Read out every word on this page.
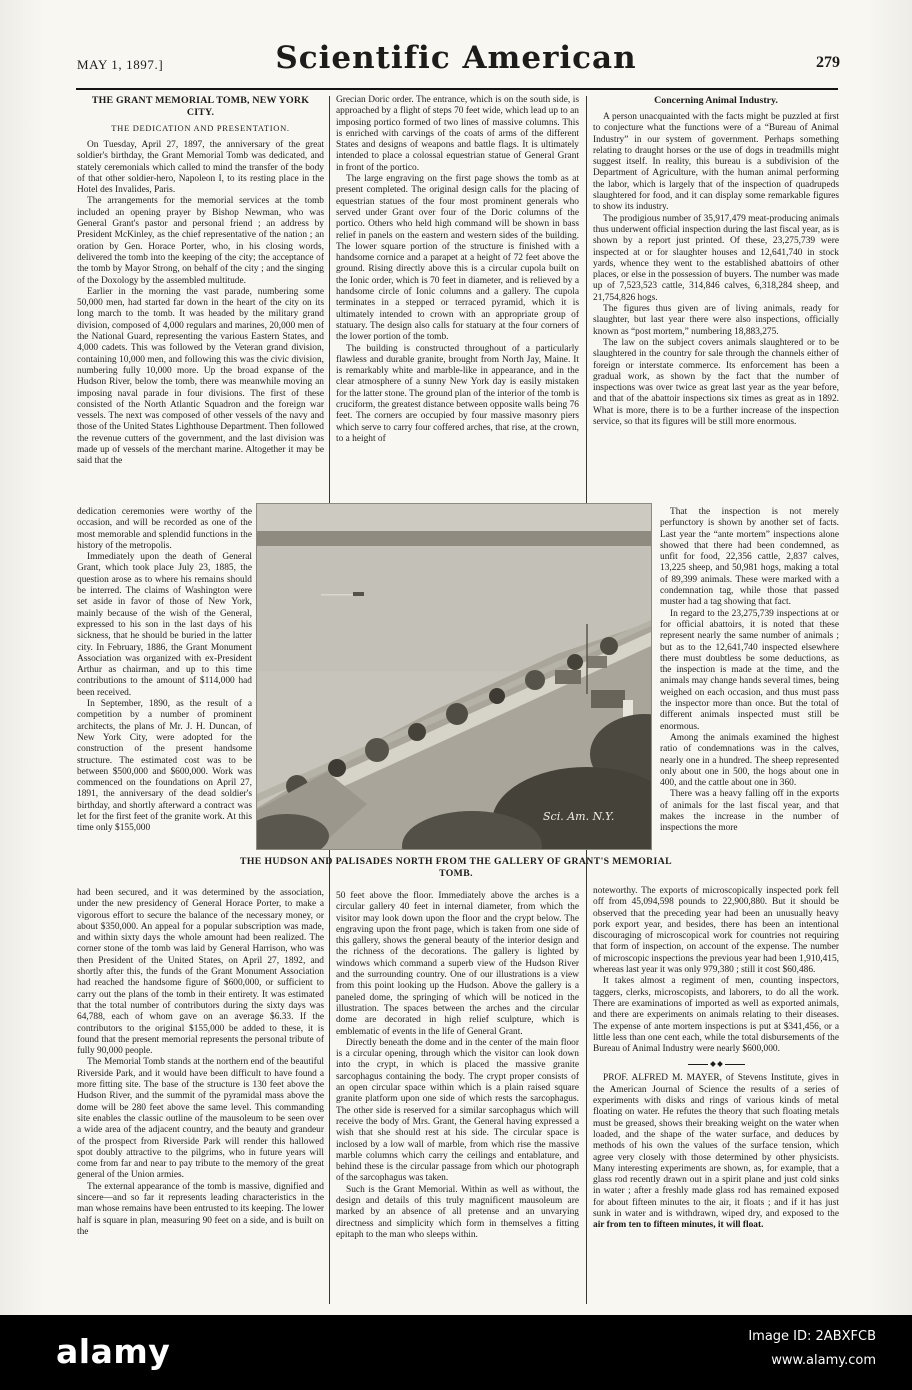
MAY 1, 1897.]	Scientific American	279
THE GRANT MEMORIAL TOMB, NEW YORK CITY.
THE DEDICATION AND PRESENTATION.

On Tuesday, April 27, 1897, the anniversary of the great soldier's birthday, the Grant Memorial Tomb was dedicated, and stately ceremonials which called to mind the transfer of the body of that other soldier-hero, Napoleon I, to its resting place in the Hotel des Invalides, Paris.

The arrangements for the memorial services at the tomb included an opening prayer by Bishop Newman, who was General Grant's pastor and personal friend ; an address by President McKinley, as the chief representative of the nation ; an oration by Gen. Horace Porter, who, in his closing words, delivered the tomb into the keeping of the city; the acceptance of the tomb by Mayor Strong, on behalf of the city ; and the singing of the Doxology by the assembled multitude.

Earlier in the morning the vast parade, numbering some 50,000 men, had started far down in the heart of the city on its long march to the tomb. It was headed by the military grand division, composed of 4,000 regulars and marines, 20,000 men of the National Guard, representing the various Eastern States, and 4,000 cadets. This was followed by the Veteran grand division, containing 10,000 men, and following this was the civic division, numbering fully 10,000 more. Up the broad expanse of the Hudson River, below the tomb, there was meanwhile moving an imposing naval parade in four divisions. The first of these consisted of the North Atlantic Squadron and the foreign war vessels. The next was composed of other vessels of the navy and those of the United States Lighthouse Department. Then followed the revenue cutters of the government, and the last division was made up of vessels of the merchant marine. Altogether it may be said that the

dedication ceremonies were worthy of the occasion, and will be recorded as one of the most memorable and splendid functions in the history of the metropolis.

Immediately upon the death of General Grant, which took place July 23, 1885, the question arose as to where his remains should be interred. The claims of Washington were set aside in favor of those of New York, mainly because of the wish of the General, expressed to his son in the last days of his sickness, that he should be buried in the latter city. In February, 1886, the Grant Monument Association was organized with ex-President Arthur as chairman, and up to this time contributions to the amount of $114,000 had been received.

In September, 1890, as the result of a competition by a number of prominent architects, the plans of Mr. J. H. Duncan, of New York City, were adopted for the construction of the present handsome structure. The estimated cost was to be between $500,000 and $600,000. Work was commenced on the foundations on April 27, 1891, the anniversary of the dead soldier's birthday, and shortly afterward a contract was let for the first feet of the granite work. At this time only $155,000

had been secured, and it was determined by the association, under the new presidency of General Horace Porter, to make a vigorous effort to secure the balance of the necessary money, or about $350,000. An appeal for a popular subscription was made, and within sixty days the whole amount had been realized. The corner stone of the tomb was laid by General Harrison, who was then President of the United States, on April 27, 1892, and shortly after this, the funds of the Grant Monument Association had reached the handsome figure of $600,000, or sufficient to carry out the plans of the tomb in their entirety. It was estimated that the total number of contributors during the sixty days was 64,788, each of whom gave on an average $6.33. If the contributors to the original $155,000 be added to these, it is found that the present memorial represents the personal tribute of fully 90,000 people.

The Memorial Tomb stands at the northern end of the beautiful Riverside Park, and it would have been difficult to have found a more fitting site. The base of the structure is 130 feet above the Hudson River, and the summit of the pyramidal mass above the dome will be 280 feet above the same level. This commanding site enables the classic outline of the mausoleum to be seen over a wide area of the adjacent country, and the beauty and grandeur of the prospect from Riverside Park will render this hallowed spot doubly attractive to the pilgrims, who in future years will come from far and near to pay tribute to the memory of the great general of the Union armies.

The external appearance of the tomb is massive, dignified and sincere—and so far it represents leading characteristics in the man whose remains have been entrusted to its keeping. The lower half is square in plan, measuring 90 feet on a side, and is built on the

Grecian Doric order. The entrance, which is on the south side, is approached by a flight of steps 70 feet wide, which lead up to an imposing portico formed of two lines of massive columns. This is enriched with carvings of the coats of arms of the different States and designs of weapons and battle flags. It is ultimately intended to place a colossal equestrian statue of General Grant in front of the portico.

The large engraving on the first page shows the tomb as at present completed. The original design calls for the placing of equestrian statues of the four most prominent generals who served under Grant over four of the Doric columns of the portico. Others who held high command will be shown in bass relief in panels on the eastern and western sides of the building. The lower square portion of the structure is finished with a handsome cornice and a parapet at a height of 72 feet above the ground. Rising directly above this is a circular cupola built on the Ionic order, which is 70 feet in diameter, and is relieved by a handsome circle of Ionic columns and a gallery. The cupola terminates in a stepped or terraced pyramid, which it is ultimately intended to crown with an appropriate group of statuary. The design also calls for statuary at the four corners of the lower portion of the tomb.

The building is constructed throughout of a particularly flawless and durable granite, brought from North Jay, Maine. It is remarkably white and marble-like in appearance, and in the clear atmosphere of a sunny New York day is easily mistaken for the latter stone. The ground plan of the interior of the tomb is cruciform, the greatest distance between opposite walls being 76 feet. The corners are occupied by four massive masonry piers which serve to carry four coffered arches, that rise, at the crown, to a height of

50 feet above the floor. Immediately above the arches is a circular gallery 40 feet in internal diameter, from which the visitor may look down upon the floor and the crypt below. The engraving upon the front page, which is taken from one side of this gallery, shows the general beauty of the interior design and the richness of the decorations. The gallery is lighted by windows which command a superb view of the Hudson River and the surrounding country. One of our illustrations is a view from this point looking up the Hudson. Above the gallery is a paneled dome, the springing of which will be noticed in the illustration. The spaces between the arches and the circular dome are decorated in high relief sculpture, which is emblematic of events in the life of General Grant.

Directly beneath the dome and in the center of the main floor is a circular opening, through which the visitor can look down into the crypt, in which is placed the massive granite sarcophagus containing the body. The crypt proper consists of an open circular space within which is a plain raised square granite platform upon one side of which rests the sarcophagus. The other side is reserved for a similar sarcophagus which will receive the body of Mrs. Grant, the General having expressed a wish that she should rest at his side. The circular space is inclosed by a low wall of marble, from which rise the massive marble columns which carry the ceilings and entablature, and behind these is the circular passage from which our photograph of the sarcophagus was taken.

Such is the Grant Memorial. Within as well as without, the design and details of this truly magnificent mausoleum are marked by an absence of all pretense and an unvarying directness and simplicity which form in themselves a fitting epitaph to the man who sleeps within.

Concerning Animal Industry.

A person unacquainted with the facts might be puzzled at first to conjecture what the functions were of a “Bureau of Animal Industry” in our system of government. Perhaps something relating to draught horses or the use of dogs in treadmills might suggest itself. In reality, this bureau is a subdivision of the Department of Agriculture, with the human animal performing the labor, which is largely that of the inspection of quadrupeds slaughtered for food, and it can display some remarkable figures to show its industry.

The prodigious number of 35,917,479 meat-producing animals thus underwent official inspection during the last fiscal year, as is shown by a report just printed. Of these, 23,275,739 were inspected at or for slaughter houses and 12,641,740 in stock yards, whence they went to the established abattoirs of other places, or else in the possession of buyers. The number was made up of 7,523,523 cattle, 314,846 calves, 6,318,284 sheep, and 21,754,826 hogs.

The figures thus given are of living animals, ready for slaughter, but last year there were also inspections, officially known as “post mortem,” numbering 18,883,275.

The law on the subject covers animals slaughtered or to be slaughtered in the country for sale through the channels either of foreign or interstate commerce. Its enforcement has been a gradual work, as shown by the fact that the number of inspections was over twice as great last year as the year before, and that of the abattoir inspections six times as great as in 1892. What is more, there is to be a further increase of the inspection service, so that its figures will be still more enormous.

That the inspection is not merely perfunctory is shown by another set of facts. Last year the “ante mortem” inspections alone showed that there had been condemned, as unfit for food, 22,356 cattle, 2,837 calves, 13,225 sheep, and 50,981 hogs, making a total of 89,399 animals. These were marked with a condemnation tag, while those that passed muster had a tag showing that fact.

In regard to the 23,275,739 inspections at or for official abattoirs, it is noted that these represent nearly the same number of animals ; but as to the 12,641,740 inspected elsewhere there must doubtless be some deductions, as the inspection is made at the time, and the animals may change hands several times, being weighed on each occasion, and thus must pass the inspector more than once. But the total of different animals inspected must still be enormous.

Among the animals examined the highest ratio of condemnations was in the calves, nearly one in a hundred. The sheep represented only about one in 500, the hogs about one in 400, and the cattle about one in 360.

There was a heavy falling off in the exports of animals for the last fiscal year, and that makes the increase in the number of inspections the more

noteworthy. The exports of microscopically inspected pork fell off from 45,094,598 pounds to 22,900,880. But it should be observed that the preceding year had been an unusually heavy pork export year, and besides, there has been an intentional discouraging of microscopical work for countries not requiring that form of inspection, on account of the expense. The number of microscopic inspections the previous year had been 1,910,415, whereas last year it was only 979,380 ; still it cost $60,486.

It takes almost a regiment of men, counting inspectors, taggers, clerks, microscopists, and laborers, to do all the work. There are examinations of imported as well as exported animals, and there are experiments on animals relating to their diseases. The expense of ante mortem inspections is put at $341,456, or a little less than one cent each, while the total disbursements of the Bureau of Animal Industry were nearly $600,000.

PROF. ALFRED M. MAYER, of Stevens Institute, gives in the American Journal of Science the results of a series of experiments with disks and rings of various kinds of metal floating on water. He refutes the theory that such floating metals must be greased, shows their breaking weight on the water when loaded, and the shape of the water surface, and deduces by methods of his own the values of the surface tension, which agree very closely with those determined by other physicists. Many interesting experiments are shown, as, for example, that a glass rod recently drawn out in a spirit plane and just cold sinks in water ; after a freshly made glass rod has remained exposed for about fifteen minutes to the air, it floats ; and if it has just sunk in water and is withdrawn, wiped dry, and exposed to the air from ten to fifteen minutes, it will float.

Sci. Am. N.Y.
THE HUDSON AND PALISADES NORTH FROM THE GALLERY OF GRANT'S MEMORIAL TOMB.
alamy	Image ID: 2ABXFCB
www.alamy.com
